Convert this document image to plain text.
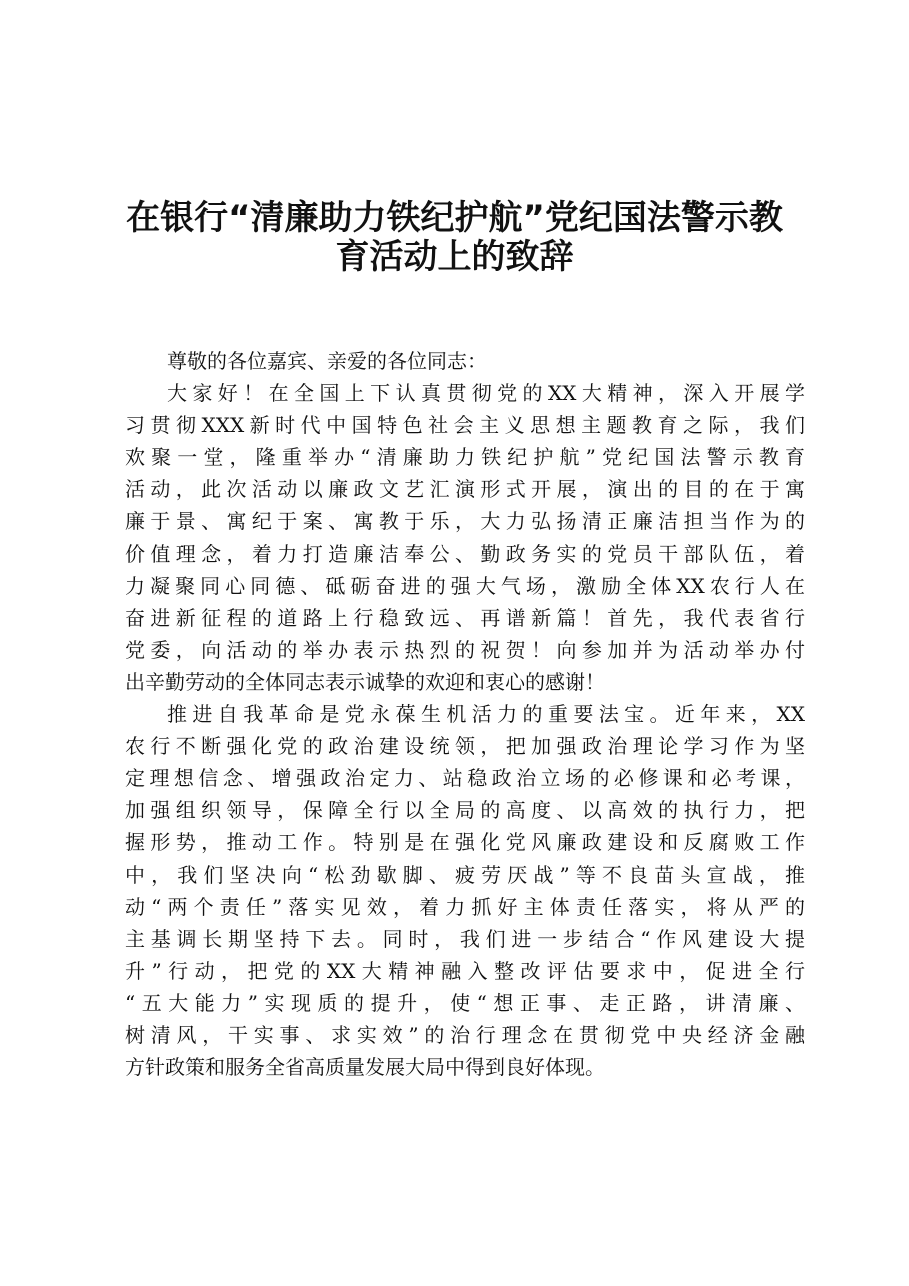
在银行“清廉助力铁纪护航”党纪国法警示教
育活动上的致辞
尊敬的各位嘉宾、亲爱的各位同志：
大家好！在全国上下认真贯彻党的XX大精神，深入开展学
习贯彻XXX新时代中国特色社会主义思想主题教育之际，我们
欢聚一堂，隆重举办“清廉助力铁纪护航”党纪国法警示教育
活动，此次活动以廉政文艺汇演形式开展，演出的目的在于寓
廉于景、寓纪于案、寓教于乐，大力弘扬清正廉洁担当作为的
价值理念，着力打造廉洁奉公、勤政务实的党员干部队伍，着
力凝聚同心同德、砥砺奋进的强大气场，激励全体XX农行人在
奋进新征程的道路上行稳致远、再谱新篇！首先，我代表省行
党委，向活动的举办表示热烈的祝贺！向参加并为活动举办付
出辛勤劳动的全体同志表示诚挚的欢迎和衷心的感谢！
推进自我革命是党永葆生机活力的重要法宝。近年来，XX
农行不断强化党的政治建设统领，把加强政治理论学习作为坚
定理想信念、增强政治定力、站稳政治立场的必修课和必考课，
加强组织领导，保障全行以全局的高度、以高效的执行力，把
握形势，推动工作。特别是在强化党风廉政建设和反腐败工作
中，我们坚决向“松劲歇脚、疲劳厌战”等不良苗头宣战，推
动“两个责任”落实见效，着力抓好主体责任落实，将从严的
主基调长期坚持下去。同时，我们进一步结合“作风建设大提
升”行动，把党的XX大精神融入整改评估要求中，促进全行
“五大能力”实现质的提升，使“想正事、走正路，讲清廉、
树清风，干实事、求实效”的治行理念在贯彻党中央经济金融
方针政策和服务全省高质量发展大局中得到良好体现。
